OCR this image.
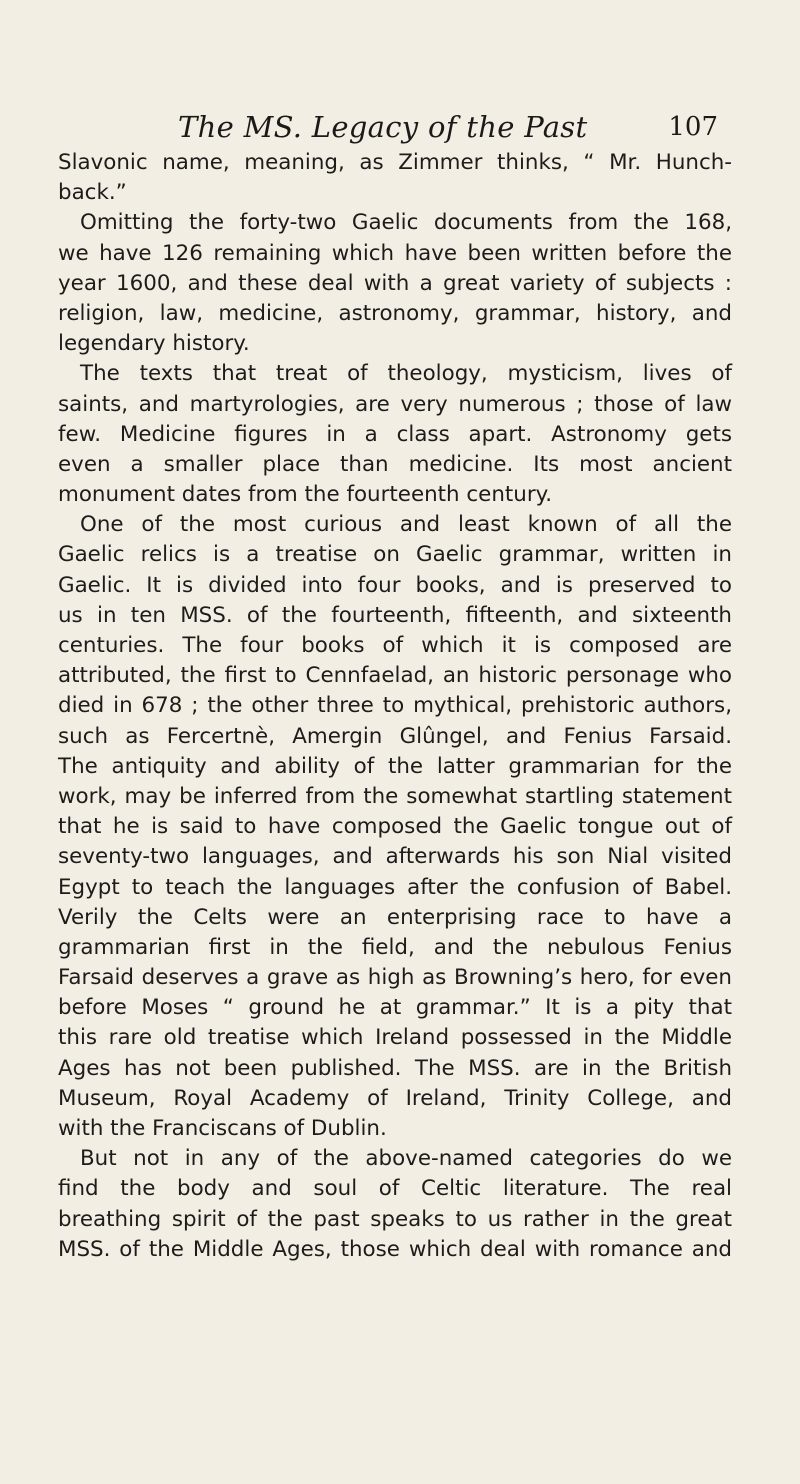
The MS. Legacy of the Past	107
Slavonic name, meaning, as Zimmer thinks, “ Mr. Hunch-
back.”
Omitting the forty-two Gaelic documents from the 168,
we have 126 remaining which have been written before the
year 1600, and these deal with a great variety of subjects :
religion, law, medicine, astronomy, grammar, history, and
legendary history.
The texts that treat of theology, mysticism, lives of
saints, and martyrologies, are very numerous ; those of law
few. Medicine figures in a class apart. Astronomy gets
even a smaller place than medicine. Its most ancient
monument dates from the fourteenth century.
One of the most curious and least known of all the
Gaelic relics is a treatise on Gaelic grammar, written in
Gaelic. It is divided into four books, and is preserved to
us in ten MSS. of the fourteenth, fifteenth, and sixteenth
centuries. The four books of which it is composed are
attributed, the first to Cennfaelad, an historic personage who
died in 678 ; the other three to mythical, prehistoric authors,
such as Fercertnè, Amergin Glûngel, and Fenius Farsaid.
The antiquity and ability of the latter grammarian for the
work, may be inferred from the somewhat startling statement
that he is said to have composed the Gaelic tongue out of
seventy-two languages, and afterwards his son Nial visited
Egypt to teach the languages after the confusion of Babel.
Verily the Celts were an enterprising race to have a
grammarian first in the field, and the nebulous Fenius
Farsaid deserves a grave as high as Browning’s hero, for even
before Moses “ ground he at grammar.” It is a pity that
this rare old treatise which Ireland possessed in the Middle
Ages has not been published. The MSS. are in the British
Museum, Royal Academy of Ireland, Trinity College, and
with the Franciscans of Dublin.
But not in any of the above-named categories do we
find the body and soul of Celtic literature. The real
breathing spirit of the past speaks to us rather in the great
MSS. of the Middle Ages, those which deal with romance and
